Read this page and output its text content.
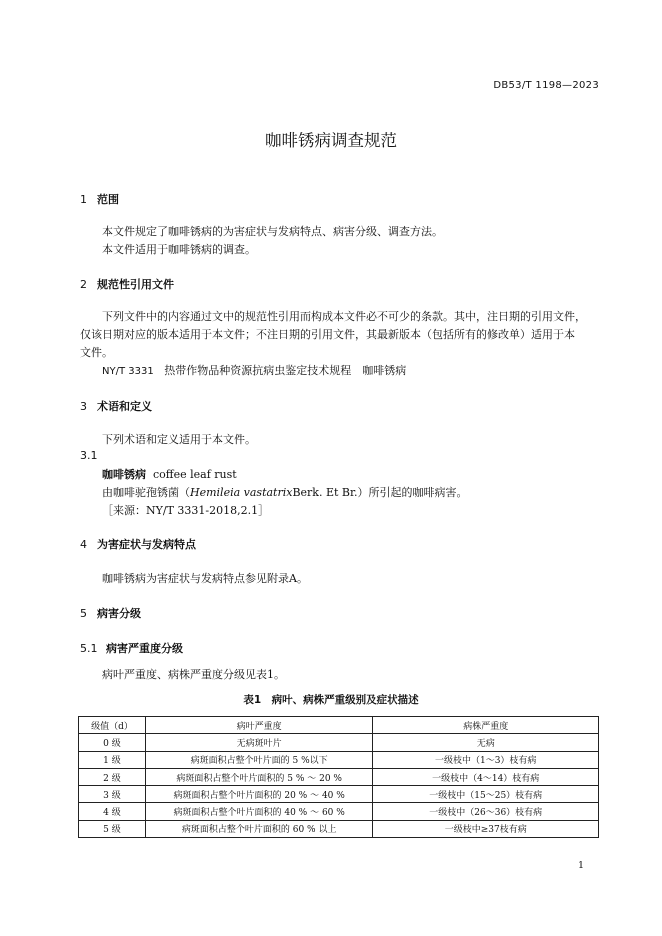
DB53/T 1198—2023
咖啡锈病调查规范
1 范围
本文件规定了咖啡锈病的为害症状与发病特点、病害分级、调查方法。
本文件适用于咖啡锈病的调查。
2 规范性引用文件
下列文件中的内容通过文中的规范性引用而构成本文件必不可少的条款。其中，注日期的引用文件，
仅该日期对应的版本适用于本文件；不注日期的引用文件，其最新版本（包括所有的修改单）适用于本
文件。
NY/T 3331 热带作物品种资源抗病虫鉴定技术规程　咖啡锈病
3 术语和定义
下列术语和定义适用于本文件。
3.1
咖啡锈病 coffee leaf rust
由咖啡驼孢锈菌（Hemileia vastatrixBerk. Et Br.）所引起的咖啡病害。
［来源：NY/T 3331-2018,2.1］
4 为害症状与发病特点
咖啡锈病为害症状与发病特点参见附录A。
5 病害分级
5.1 病害严重度分级
病叶严重度、病株严重度分级见表1。
表1　病叶、病株严重级别及症状描述
级值（d）	病叶严重度	病株严重度
0 级	无病斑叶片	无病
1 级	病斑面积占整个叶片面的 5 %以下	一级枝中（1～3）枝有病
2 级	病斑面积占整个叶片面积的 5 % ～ 20 %	一级枝中（4～14）枝有病
3 级	病斑面积占整个叶片面积的 20 % ～ 40 %	一级枝中（15～25）枝有病
4 级	病斑面积占整个叶片面积的 40 % ～ 60 %	一级枝中（26～36）枝有病
5 级	病斑面积占整个叶片面积的 60 % 以上	一级枝中≥37枝有病
1
